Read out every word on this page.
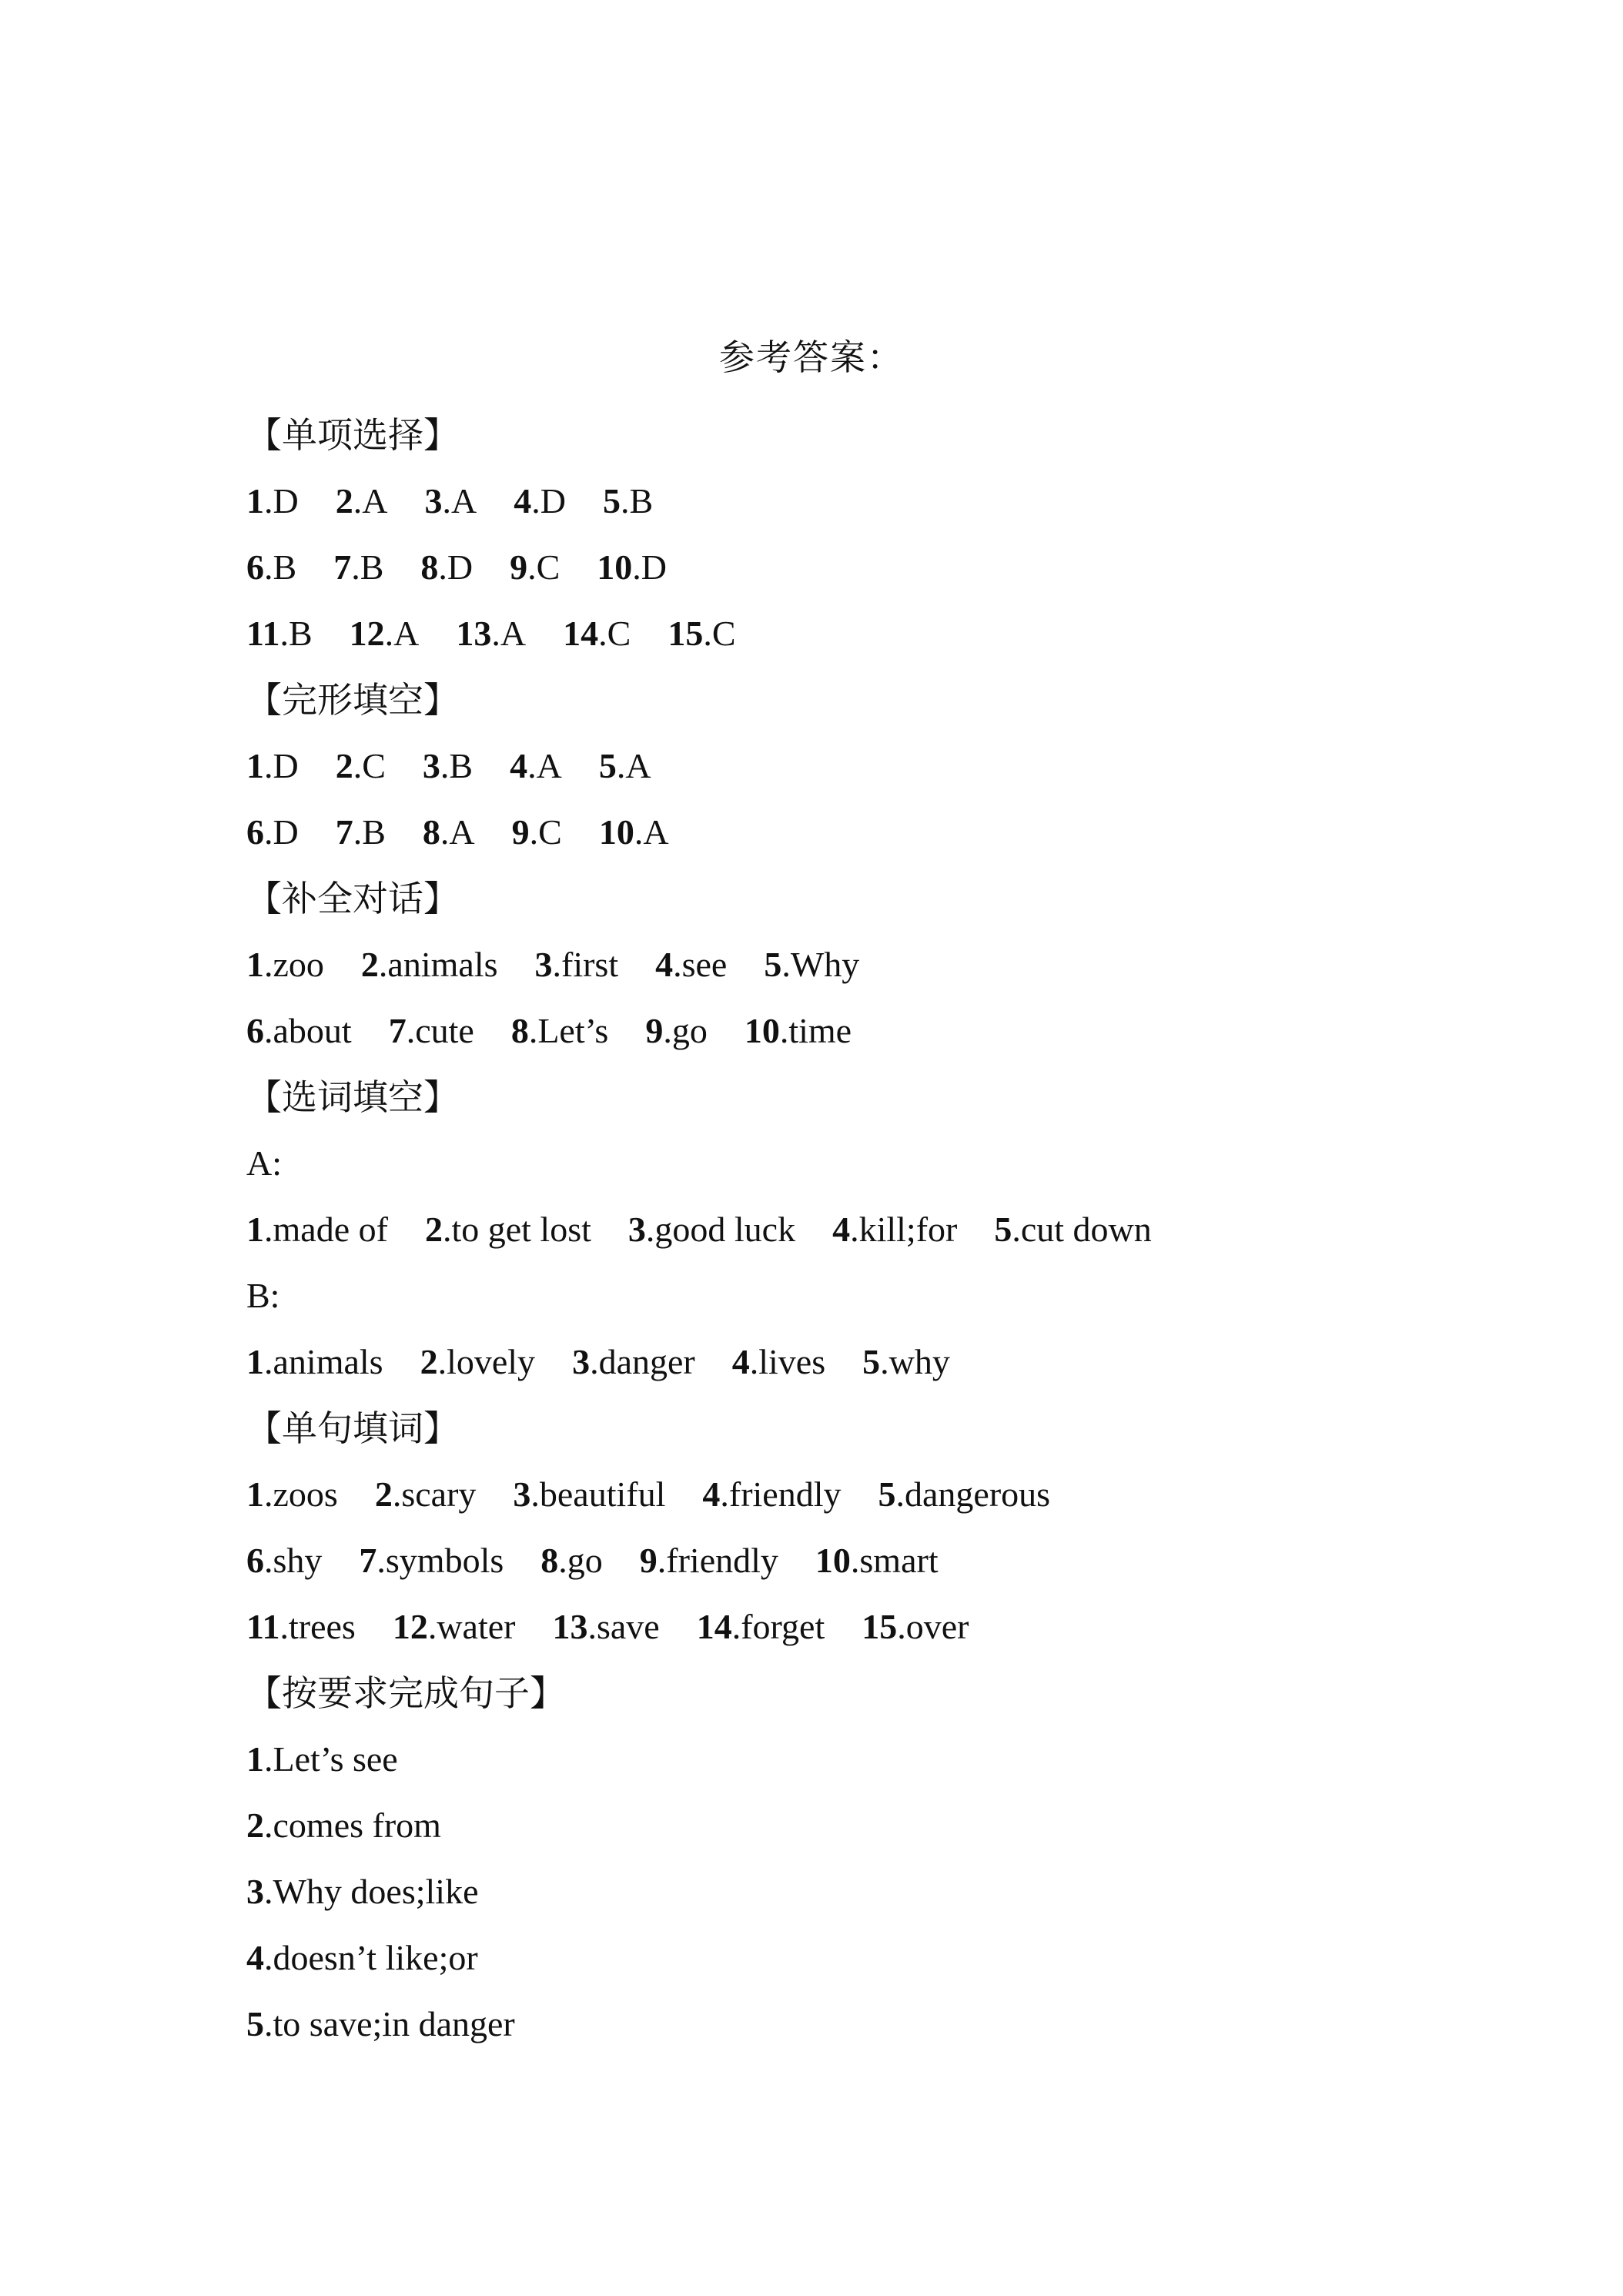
参考答案：
【单项选择】
1.D 2.A 3.A 4.D 5.B
6.B 7.B 8.D 9.C 10.D
11.B 12.A 13.A 14.C 15.C
【完形填空】
1.D 2.C 3.B 4.A 5.A
6.D 7.B 8.A 9.C 10.A
【补全对话】
1.zoo 2.animals 3.first 4.see 5.Why
6.about 7.cute 8.Let’s 9.go 10.time
【选词填空】
A:
1.made of 2.to get lost 3.good luck 4.kill;for 5.cut down
B:
1.animals 2.lovely 3.danger 4.lives 5.why
【单句填词】
1.zoos 2.scary 3.beautiful 4.friendly 5.dangerous
6.shy 7.symbols 8.go 9.friendly 10.smart
11.trees 12.water 13.save 14.forget 15.over
【按要求完成句子】
1.Let’s see
2.comes from
3.Why does;like
4.doesn’t like;or
5.to save;in danger
